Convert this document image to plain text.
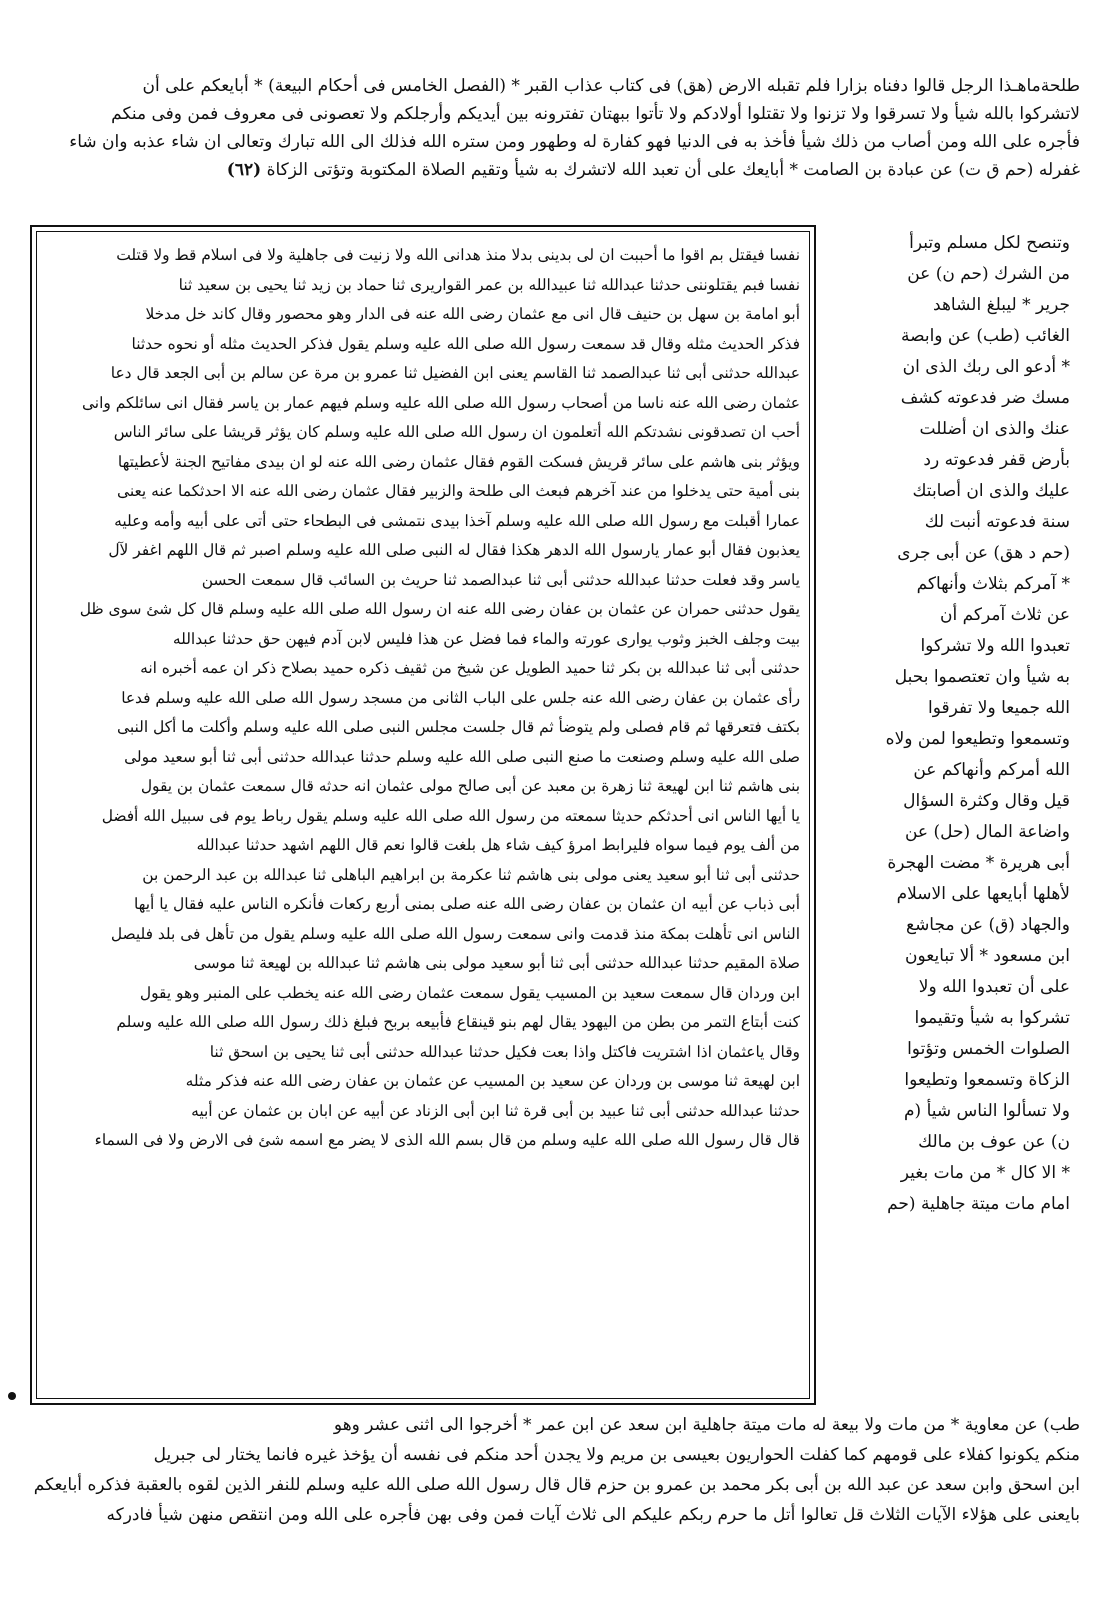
طلحةماهـذا الرجل قالوا دفناه بزارا فلم تقبله الارض (هق) فى كتاب عذاب القبر * (الفصل الخامس فى أحكام البيعة) * أبايعكم على أن
لاتشركوا بالله شيأ ولا تسرقوا ولا تزنوا ولا تقتلوا أولادكم ولا تأتوا ببهتان تفترونه بين أيديكم وأرجلكم ولا تعصونى فى معروف فمن وفى منكم
فأجره على الله ومن أصاب من ذلك شيأ فأخذ به فى الدنيا فهو كفارة له وطهور ومن ستره الله فذلك الى الله تبارك وتعالى ان شاء عذبه وان شاء
غفرله (حم ق ت) عن عبادة بن الصامت * أبايعك على أن تعبد الله لاتشرك به شيأ وتقيم الصلاة المكتوبة وتؤتى الزكاة (٦٢)
نفسا فيقتل بم اقوا ما أحببت ان لى بدينى بدلا منذ هدانى الله ولا زنيت فى جاهلية ولا فى اسلام قط ولا قتلت
نفسا فبم يقتلوننى حدثنا عبدالله ثنا عبيدالله بن عمر القواريرى ثنا حماد بن زيد ثنا يحيى بن سعيد ثنا
أبو امامة بن سهل بن حنيف قال انى مع عثمان رضى الله عنه فى الدار وهو محصور وقال كاند خل مدخلا
فذكر الحديث مثله وقال قد سمعت رسول الله صلى الله عليه وسلم يقول فذكر الحديث مثله أو نحوه حدثنا
عبدالله حدثنى أبى ثنا عبدالصمد ثنا القاسم يعنى ابن الفضيل ثنا عمرو بن مرة عن سالم بن أبى الجعد قال دعا
عثمان رضى الله عنه ناسا من أصحاب رسول الله صلى الله عليه وسلم فيهم عمار بن ياسر فقال انى سائلكم وانى
أحب ان تصدقونى نشدتكم الله أتعلمون ان رسول الله صلى الله عليه وسلم كان يؤثر قريشا على سائر الناس
ويؤثر بنى هاشم على سائر قريش فسكت القوم فقال عثمان رضى الله عنه لو ان بيدى مفاتيح الجنة لأعطيتها
بنى أمية حتى يدخلوا من عند آخرهم فبعث الى طلحة والزبير فقال عثمان رضى الله عنه الا احدثكما عنه يعنى
عمارا أقبلت مع رسول الله صلى الله عليه وسلم آخذا بيدى نتمشى فى البطحاء حتى أتى على أبيه وأمه وعليه
يعذبون فقال أبو عمار يارسول الله الدهر هكذا فقال له النبى صلى الله عليه وسلم اصبر ثم قال اللهم اغفر لآل
ياسر وقد فعلت حدثنا عبدالله حدثنى أبى ثنا عبدالصمد ثنا حريث بن السائب قال سمعت الحسن
يقول حدثنى حمران عن عثمان بن عفان رضى الله عنه ان رسول الله صلى الله عليه وسلم قال كل شئ سوى ظل
بيت وجلف الخبز وثوب يوارى عورته والماء فما فضل عن هذا فليس لابن آدم فيهن حق حدثنا عبدالله
حدثنى أبى ثنا عبدالله بن بكر ثنا حميد الطويل عن شيخ من ثقيف ذكره حميد بصلاح ذكر ان عمه أخبره انه
رأى عثمان بن عفان رضى الله عنه جلس على الباب الثانى من مسجد رسول الله صلى الله عليه وسلم فدعا
بكتف فتعرقها ثم قام فصلى ولم يتوضأ ثم قال جلست مجلس النبى صلى الله عليه وسلم وأكلت ما أكل النبى
صلى الله عليه وسلم وصنعت ما صنع النبى صلى الله عليه وسلم حدثنا عبدالله حدثنى أبى ثنا أبو سعيد مولى
بنى هاشم ثنا ابن لهيعة ثنا زهرة بن معبد عن أبى صالح مولى عثمان انه حدثه قال سمعت عثمان بن يقول
يا أيها الناس انى أحدثكم حديثا سمعته من رسول الله صلى الله عليه وسلم يقول رباط يوم فى سبيل الله أفضل
من ألف يوم فيما سواه فليرابط امرؤ كيف شاء هل بلغت قالوا نعم قال اللهم اشهد حدثنا عبدالله
حدثنى أبى ثنا أبو سعيد يعنى مولى بنى هاشم ثنا عكرمة بن ابراهيم الباهلى ثنا عبدالله بن عبد الرحمن بن
أبى ذباب عن أبيه ان عثمان بن عفان رضى الله عنه صلى بمنى أربع ركعات فأنكره الناس عليه فقال يا أيها
الناس انى تأهلت بمكة منذ قدمت وانى سمعت رسول الله صلى الله عليه وسلم يقول من تأهل فى بلد فليصل
صلاة المقيم حدثنا عبدالله حدثنى أبى ثنا أبو سعيد مولى بنى هاشم ثنا عبدالله بن لهيعة ثنا موسى
ابن وردان قال سمعت سعيد بن المسيب يقول سمعت عثمان رضى الله عنه يخطب على المنبر وهو يقول
كنت أبتاع التمر من بطن من اليهود يقال لهم بنو قينقاع فأبيعه بربح فبلغ ذلك رسول الله صلى الله عليه وسلم
وقال ياعثمان اذا اشتريت فاكتل واذا بعت فكيل حدثنا عبدالله حدثنى أبى ثنا يحيى بن اسحق ثنا
ابن لهيعة ثنا موسى بن وردان عن سعيد بن المسيب عن عثمان بن عفان رضى الله عنه فذكر مثله
حدثنا عبدالله حدثنى أبى ثنا عبيد بن أبى قرة ثنا ابن أبى الزناد عن أبيه عن ابان بن عثمان عن أبيه
قال قال رسول الله صلى الله عليه وسلم من قال بسم الله الذى لا يضر مع اسمه شئ فى الارض ولا فى السماء
وتنصح لكل مسلم وتبرأ
من الشرك (حم ن) عن
جرير * ليبلغ الشاهد
الغائب (طب) عن وابصة
* أدعو الى ربك الذى ان
مسك ضر فدعوته كشف
عنك والذى ان أضللت
بأرض قفر فدعوته رد
عليك والذى ان أصابتك
سنة فدعوته أنبت لك
(حم د هق) عن أبى جرى
* آمركم بثلاث وأنهاكم
عن ثلاث آمركم أن
تعبدوا الله ولا تشركوا
به شيأ وان تعتصموا بحبل
الله جميعا ولا تفرقوا
وتسمعوا وتطيعوا لمن ولاه
الله أمركم وأنهاكم عن
قيل وقال وكثرة السؤال
واضاعة المال (حل) عن
أبى هريرة * مضت الهجرة
لأهلها أبايعها على الاسلام
والجهاد (ق) عن مجاشع
ابن مسعود * ألا تبايعون
على أن تعبدوا الله ولا
تشركوا به شيأ وتقيموا
الصلوات الخمس وتؤتوا
الزكاة وتسمعوا وتطيعوا
ولا تسألوا الناس شيأ (م
ن) عن عوف بن مالك
* الا كال * من مات بغير
امام مات ميتة جاهلية (حم
طب) عن معاوية * من مات ولا بيعة له مات ميتة جاهلية ابن سعد عن ابن عمر * أخرجوا الى اثنى عشر وهو
منكم يكونوا كفلاء على قومهم كما كفلت الحواريون بعيسى بن مريم ولا يجدن أحد منكم فى نفسه أن يؤخذ غيره فانما يختار لى جبريل
ابن اسحق وابن سعد عن عبد الله بن أبى بكر محمد بن عمرو بن حزم قال قال رسول الله صلى الله عليه وسلم للنفر الذين لقوه بالعقبة فذكره أبايعكم
بايعنى على هؤلاء الآيات الثلاث قل تعالوا أتل ما حرم ربكم عليكم الى ثلاث آيات فمن وفى بهن فأجره على الله ومن انتقص منهن شيأ فادركه
